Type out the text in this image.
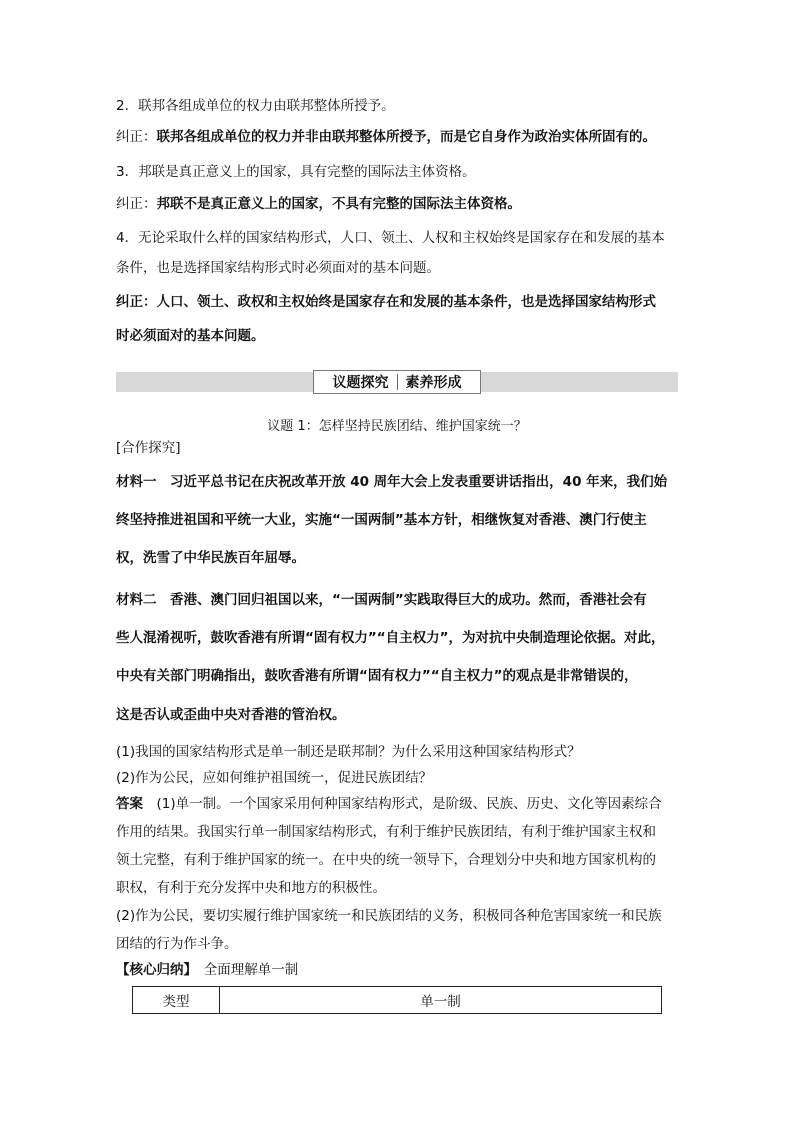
2．联邦各组成单位的权力由联邦整体所授予。
纠正：联邦各组成单位的权力并非由联邦整体所授予，而是它自身作为政治实体所固有的。
3．邦联是真正意义上的国家，具有完整的国际法主体资格。
纠正：邦联不是真正意义上的国家，不具有完整的国际法主体资格。
4．无论采取什么样的国家结构形式，人口、领土、人权和主权始终是国家存在和发展的基本
条件，也是选择国家结构形式时必须面对的基本问题。
纠正：人口、领土、政权和主权始终是国家存在和发展的基本条件，也是选择国家结构形式
时必须面对的基本问题。
议题探究 素养形成
议题 1：怎样坚持民族团结、维护国家统一？
[合作探究]
材料一　习近平总书记在庆祝改革开放 40 周年大会上发表重要讲话指出，40 年来，我们始
终坚持推进祖国和平统一大业，实施“一国两制”基本方针，相继恢复对香港、澳门行使主
权，洗雪了中华民族百年屈辱。
材料二　香港、澳门回归祖国以来，“一国两制”实践取得巨大的成功。然而，香港社会有
些人混淆视听，鼓吹香港有所谓“固有权力”“自主权力”，为对抗中央制造理论依据。对此，
中央有关部门明确指出，鼓吹香港有所谓“固有权力”“自主权力”的观点是非常错误的，
这是否认或歪曲中央对香港的管治权。
(1)我国的国家结构形式是单一制还是联邦制？为什么采用这种国家结构形式？
(2)作为公民，应如何维护祖国统一，促进民族团结？
答案　(1)单一制。一个国家采用何种国家结构形式，是阶级、民族、历史、文化等因素综合
作用的结果。我国实行单一制国家结构形式，有利于维护民族团结，有利于维护国家主权和
领土完整，有利于维护国家的统一。在中央的统一领导下，合理划分中央和地方国家机构的
职权，有利于充分发挥中央和地方的积极性。
(2)作为公民，要切实履行维护国家统一和民族团结的义务，积极同各种危害国家统一和民族
团结的行为作斗争。
【核心归纳】　 全面理解单一制
类型	单一制
